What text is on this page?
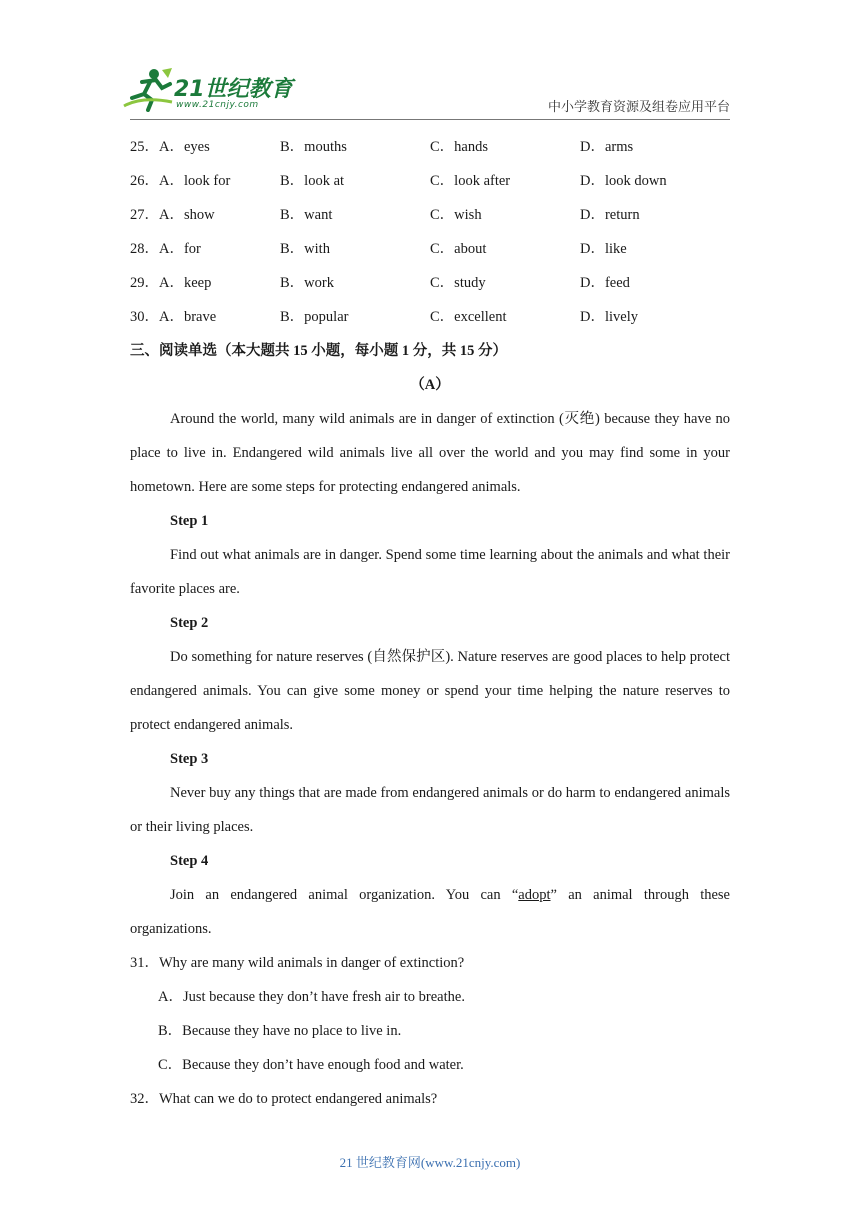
21世纪教育
www.21cnjy.com	中小学教育资源及组卷应用平台
25．A．eyes	B．mouths	C．hands	D．arms
26．A．look for	B．look at	C．look after	D．look down
27．A．show	B．want	C．wish	D．return
28．A．for	B．with	C．about	D．like
29．A．keep	B．work	C．study	D．feed
30．A．brave	B．popular	C．excellent	D．lively
三、阅读单选（本大题共 15 小题，每小题 1 分，共 15 分）
（A）

Around the world, many wild animals are in danger of extinction (灭绝) because they have no place to live in. Endangered wild animals live all over the world and you may find some in your hometown. Here are some steps for protecting endangered animals.

Step 1

Find out what animals are in danger. Spend some time learning about the animals and what their favorite places are.

Step 2

Do something for nature reserves (自然保护区). Nature reserves are good places to help protect endangered animals. You can give some money or spend your time helping the nature reserves to protect endangered animals.

Step 3

Never buy any things that are made from endangered animals or do harm to endangered animals or their living places.

Step 4

Join an endangered animal organization. You can “adopt” an animal through these organizations.

31．Why are many wild animals in danger of extinction?
A．Just because they don’t have fresh air to breathe.
B．Because they have no place to live in.
C．Because they don’t have enough food and water.
32．What can we do to protect endangered animals?
21 世纪教育网(www.21cnjy.com)
